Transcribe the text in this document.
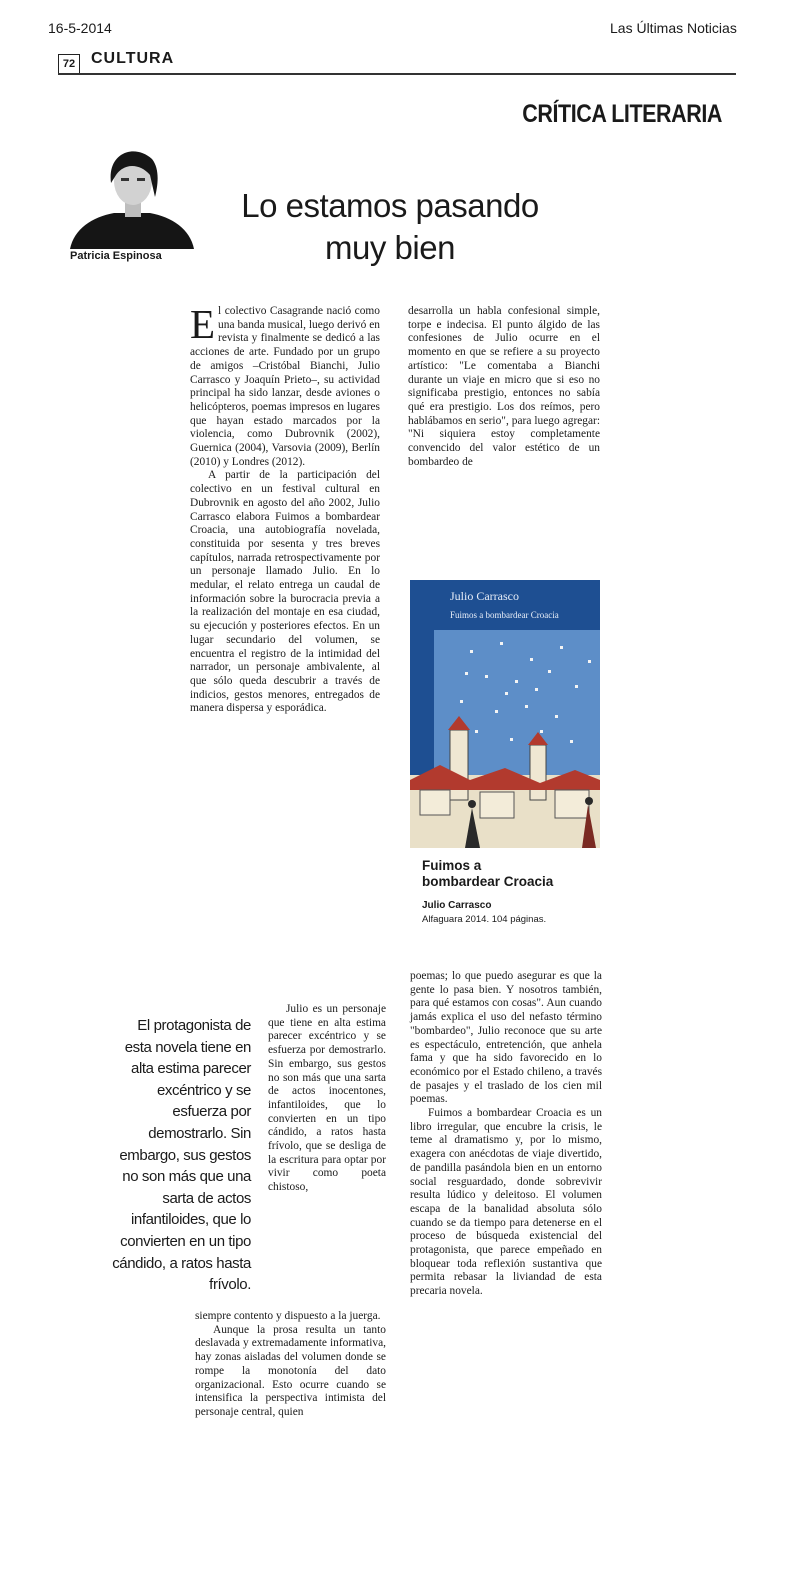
16-5-2014	Las Últimas Noticias
72 CULTURA
CRÍTICA LITERARIA
Patricia Espinosa
Lo estamos pasando
muy bien

El colectivo Casagrande nació como una banda musical, luego derivó en revista y finalmente se dedicó a las acciones de arte. Fundado por un grupo de amigos –Cristóbal Bianchi, Julio Carrasco y Joaquín Prieto–, su actividad principal ha sido lanzar, desde aviones o helicópteros, poemas impresos en lugares que hayan estado marcados por la violencia, como Dubrovnik (2002), Guernica (2004), Varsovia (2009), Berlín (2010) y Londres (2012).

A partir de la participación del colectivo en un festival cultural en Dubrovnik en agosto del año 2002, Julio Carrasco elabora Fuimos a bombardear Croacia, una autobiografía novelada, constituida por sesenta y tres breves capítulos, narrada retrospectivamente por un personaje llamado Julio. En lo medular, el relato entrega un caudal de información sobre la burocracia previa a la realización del montaje en esa ciudad, su ejecución y posteriores efectos. En un lugar secundario del volumen, se encuentra el registro de la intimidad del narrador, un personaje ambivalente, al que sólo queda descubrir a través de indicios, gestos menores, entregados de manera dispersa y esporádica.

Julio es un personaje que tiene en alta estima parecer excéntrico y se esfuerza por demostrarlo. Sin embargo, sus gestos no son más que una sarta de actos inocentones, infantiloides, que lo convierten en un tipo cándido, a ratos hasta frívolo, que se desliga de la escritura para optar por vivir como poeta chistoso,

siempre contento y dispuesto a la juerga.

Aunque la prosa resulta un tanto deslavada y extremadamente informativa, hay zonas aisladas del volumen donde se rompe la monotonía del dato organizacional. Esto ocurre cuando se intensifica la perspectiva intimista del personaje central, quien

El protagonista de esta novela tiene en alta estima parecer excéntrico y se esfuerza por demostrarlo. Sin embargo, sus gestos no son más que una sarta de actos infantiloides, que lo convierten en un tipo cándido, a ratos hasta frívolo.

desarrolla un habla confesional simple, torpe e indecisa. El punto álgido de las confesiones de Julio ocurre en el momento en que se refiere a su proyecto artístico: "Le comentaba a Bianchi durante un viaje en micro que si eso no significaba prestigio, entonces no sabía qué era prestigio. Los dos reímos, pero hablábamos en serio", para luego agregar: "Ni siquiera estoy completamente convencido del valor estético de un bombardeo de

Julio Carrasco
Fuimos a bombardear Croacia
Fuimos a
bombardear Croacia
Julio Carrasco
Alfaguara 2014. 104 páginas.

poemas; lo que puedo asegurar es que la gente lo pasa bien. Y nosotros también, para qué estamos con cosas". Aun cuando jamás explica el uso del nefasto término "bombardeo", Julio reconoce que su arte es espectáculo, entretención, que anhela fama y que ha sido favorecido en lo económico por el Estado chileno, a través de pasajes y el traslado de los cien mil poemas.

Fuimos a bombardear Croacia es un libro irregular, que encubre la crisis, le teme al dramatismo y, por lo mismo, exagera con anécdotas de viaje divertido, de pandilla pasándola bien en un entorno social resguardado, donde sobrevivir resulta lúdico y deleitoso. El volumen escapa de la banalidad absoluta sólo cuando se da tiempo para detenerse en el proceso de búsqueda existencial del protagonista, que parece empeñado en bloquear toda reflexión sustantiva que permita rebasar la liviandad de esta precaria novela.
